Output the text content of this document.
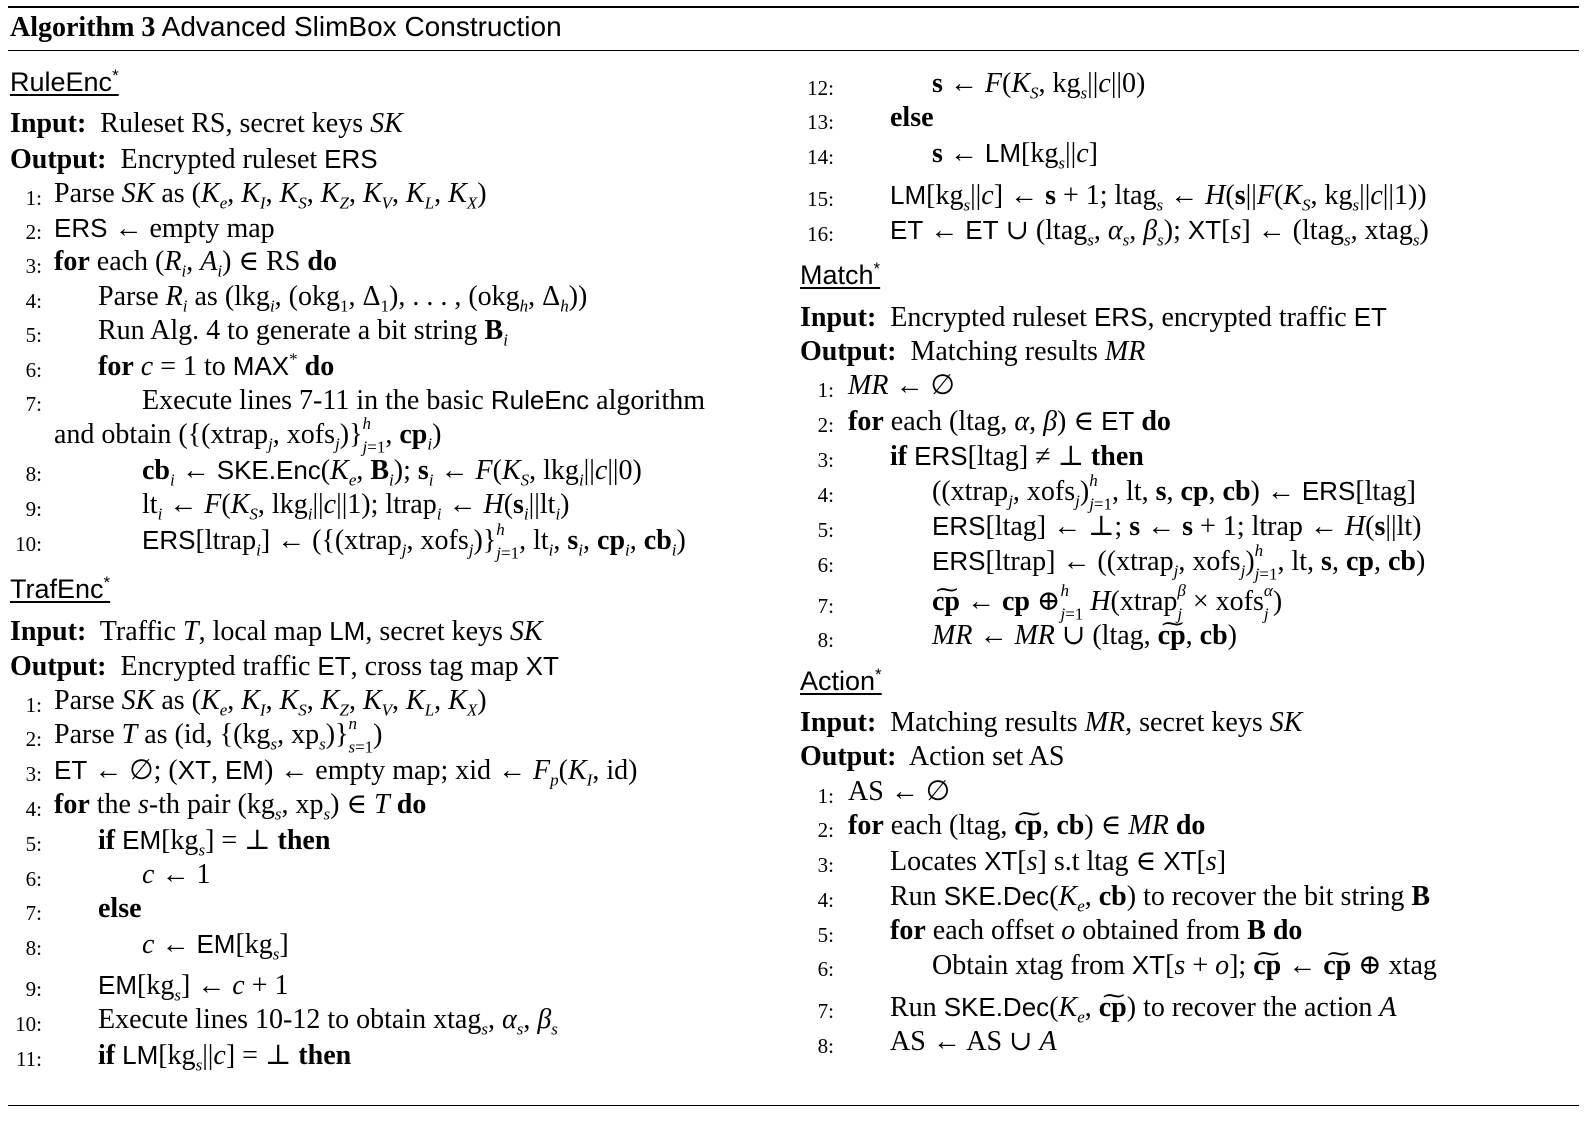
Algorithm 3 Advanced SlimBox Construction
RuleEnc*
Input:  Ruleset RS, secret keys SK
Output:  Encrypted ruleset ERS
1: Parse SK as ($K_e$, $K_I$, $K_S$, $K_Z$, $K_V$, $K_L$, $K_X$)
2: ERS ← empty map
3: for each ($R_i$, $A_i$) ∈ RS do
4: Parse $R_i$ as (lkg$_i$, (okg$_1$, $\Delta_1$), . . . , (okg$_h$, $\Delta_h$))
5: Run Alg. 4 to generate a bit string $B_i$
6: for c = 1 to MAX* do
7:	Execute lines 7-11 in the basic RuleEnc algorithm
and obtain ({(xtrap$_j$, xofs$_j$)}$^h$
$_{j=1}$, $cp_i$)
8:	$cb_i$ ← $SKE.Enc(K_e$, $B_i$); $s_i$ ← $F(K_S$, lkg$_i$||c||0)
9:	$lt_i$ ← $F(K_S$, lkg$_i$||c||1); ltrap$_i$ ← $H(s_i||lt_i)$
10:	ERS[ltrap$_i$] ← ({(xtrap$_j$, xofs$_j$)}$^h$
$_{j=1}$, $lt_i$, $s_i$, $cp_i$, $cb_i$)
TrafEnc*
Input:  Traffic T, local map LM, secret keys SK
Output:  Encrypted traffic ET, cross tag map XT
1: Parse SK as ($K_e$, $K_I$, $K_S$, $K_Z$, $K_V$, $K_L$, $K_X$)
2: Parse T as (id, {($kg_s$, $xp_s)\}^n$
$_{s=1}$)
3: ET ← ∅; (XT, EM) ← empty map; xid ← $F_p(K_I$, id)
4: for the s-th pair ($kg_s$, $xp_s$) ∈ T do
5: if $EM[kg_s]$ = ⊥ then
6:	c ← 1
7: else
8:	c ← $EM[kg_s]$
9: $EM[kg_s]$ ← c + 1
10: Execute lines 10-12 to obtain xtag$_s$, $\alpha_s$, $\beta_s$
11: if $LM[kg_s||c]$ = ⊥ then
12:	s ← $F(K_S$, $kg_s||c||0$)
13: else
14:	s ← $LM[kg_s||c]$
15: $LM[kg_s||c]$ ← s + 1; ltag$_s$ ← $H(s||F(K_S$, $kg_s||c||1$))
16: ET ← ET ∪ (ltag$_s$, $\alpha_s$, $\beta_s$); XT[s] ← (ltag$_s$, xtag$_s$)
Match*
Input:  Encrypted ruleset ERS, encrypted traffic ET
Output:  Matching results MR
1: MR ← ∅
2: for each (ltag, α, β) ∈ ET do
3: if ERS[ltag] ≠ ⊥ then
4:	((xtrap$_j$, xofs$_j$)$^h$
$_{j=1}$, lt, s, cp, cb) ← ERS[ltag]
5:	ERS[ltag] ← ⊥; s ← s + 1; ltrap ← H(s||lt)
6:	ERS[ltrap] ← ((xtrap$_j$, xofs$_j$)$^h$
$_{j=1}$, lt, s, cp, cb)
7:
⁓	cp ← cp ⊕$^h$
$_{j=1}$ H(xtrap$^\beta$
$_j$ × xofs$^\alpha$
$_j$ )
8:	MR ← MR ∪ (ltag, ⁓ cp, cb)
Action*
Input:  Matching results MR, secret keys SK
Output:  Action set AS
1: AS ← ∅
2: for each (ltag, ⁓ cp, cb) ∈ MR do
3: Locates XT[s] s.t ltag ∈ XT[s]
4: Run $SKE.Dec(K_e$, cb) to recover the bit string B
5: for each offset o obtained from B do
6:	Obtain xtag from XT[s + o]; ⁓ cp ← ⁓ cp ⊕ xtag
7: Run $SKE.Dec(K_e$, ⁓ cp) to recover the action A
8: AS ← AS ∪ A
